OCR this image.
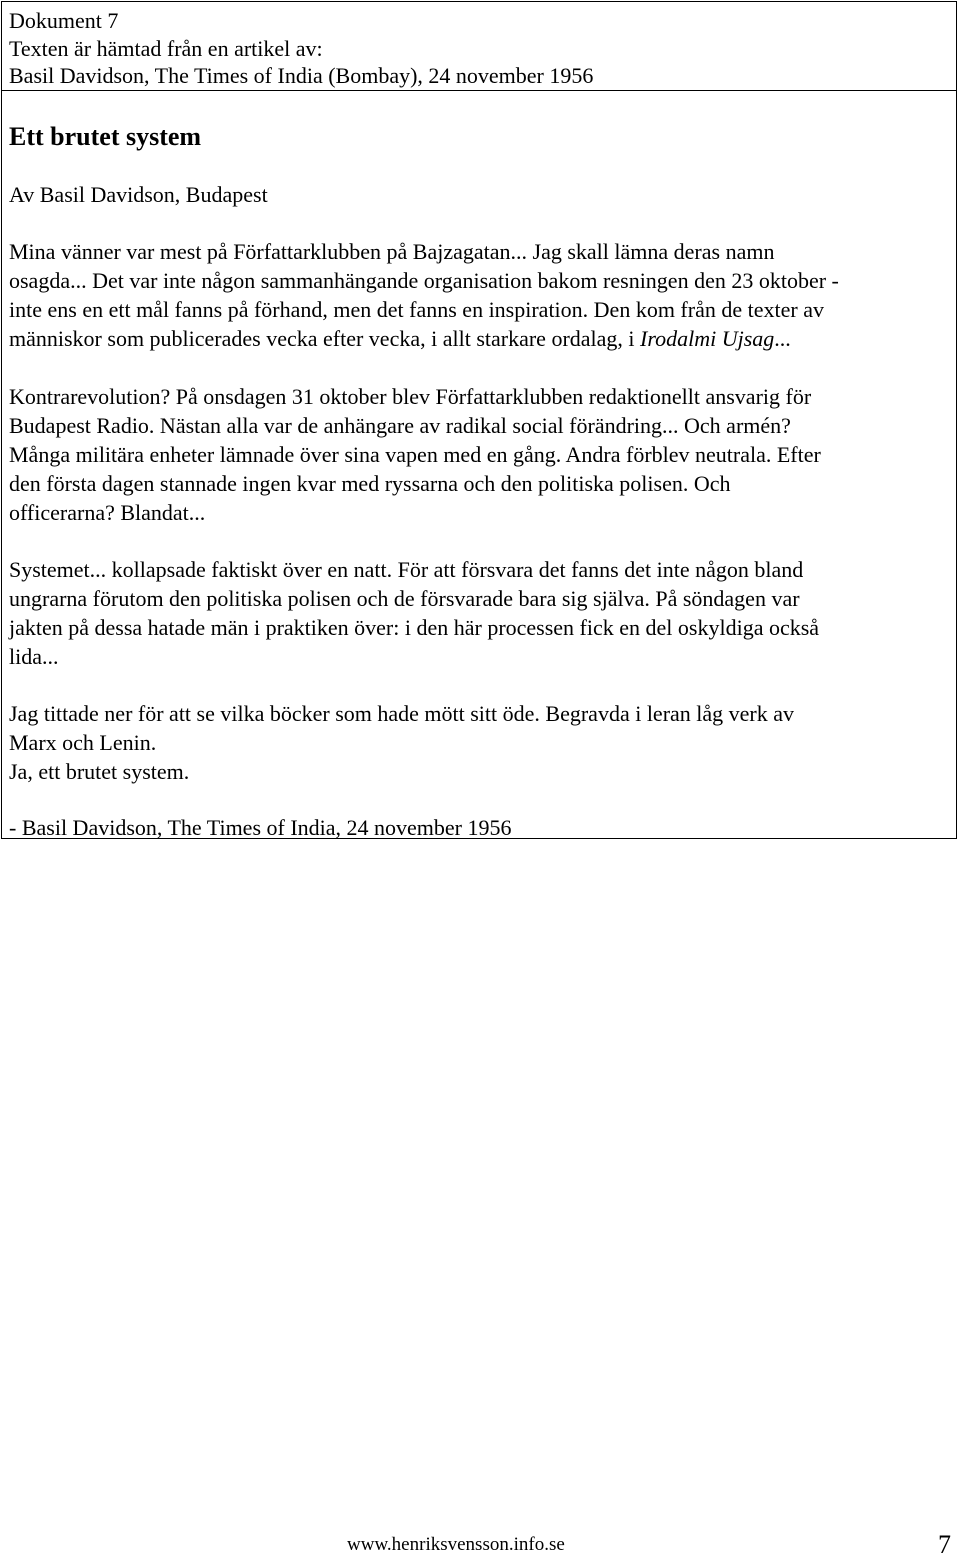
Dokument 7
Texten är hämtad från en artikel av:
Basil Davidson, The Times of India (Bombay), 24 november 1956
Ett brutet system
Av Basil Davidson, Budapest
Mina vänner var mest på Författarklubben på Bajzagatan... Jag skall lämna deras namn
osagda... Det var inte någon sammanhängande organisation bakom resningen den 23 oktober -
inte ens en ett mål fanns på förhand, men det fanns en inspiration. Den kom från de texter av
människor som publicerades vecka efter vecka, i allt starkare ordalag, i Irodalmi Ujsag...
Kontrarevolution? På onsdagen 31 oktober blev Författarklubben redaktionellt ansvarig för
Budapest Radio. Nästan alla var de anhängare av radikal social förändring... Och armén?
Många militära enheter lämnade över sina vapen med en gång. Andra förblev neutrala. Efter
den första dagen stannade ingen kvar med ryssarna och den politiska polisen. Och
officerarna? Blandat...
Systemet... kollapsade faktiskt över en natt. För att försvara det fanns det inte någon bland
ungrarna förutom den politiska polisen och de försvarade bara sig själva. På söndagen var
jakten på dessa hatade män i praktiken över: i den här processen fick en del oskyldiga också
lida...
Jag tittade ner för att se vilka böcker som hade mött sitt öde. Begravda i leran låg verk av
Marx och Lenin.
Ja, ett brutet system.
- Basil Davidson, The Times of India, 24 november 1956
www.henriksvensson.info.se	7
